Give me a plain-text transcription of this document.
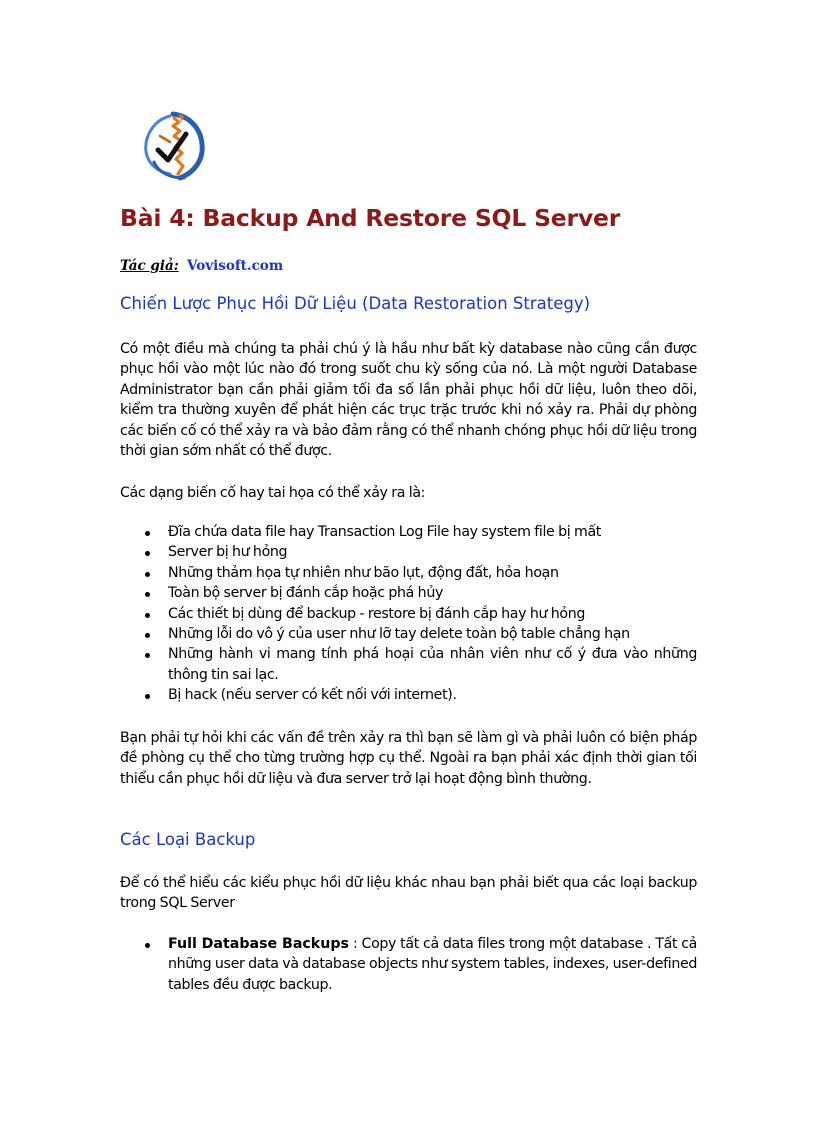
Bài 4: Backup And Restore SQL Server

Tác giả: Vovisoft.com

Chiến Lược Phục Hồi Dữ Liệu (Data Restoration Strategy)

Có một điều mà chúng ta phải chú ý là hầu như bất kỳ database nào cũng cần được phục hồi vào một lúc nào đó trong suốt chu kỳ sống của nó. Là một người Database Administrator bạn cần phải giảm tối đa số lần phải phục hồi dữ liệu, luôn theo dõi, kiểm tra thường xuyên để phát hiện các trục trặc trước khi nó xảy ra. Phải dự phòng các biến cố có thể xảy ra và bảo đảm rằng có thể nhanh chóng phục hồi dữ liệu trong thời gian sớm nhất có thể được.

Các dạng biến cố hay tai họa có thể xảy ra là:

Đĩa chứa data file hay Transaction Log File hay system file bị mất
Server bị hư hỏng
Những thảm họa tự nhiên như bão lụt, động đất, hỏa hoạn
Toàn bộ server bị đánh cắp hoặc phá hủy
Các thiết bị dùng để backup - restore bị đánh cắp hay hư hỏng
Những lỗi do vô ý của user như lỡ tay delete toàn bộ table chẳng hạn
Những hành vi mang tính phá hoại của nhân viên như cố ý đưa vào những thông tin sai lạc.
Bị hack (nếu server có kết nối với internet).

Bạn phải tự hỏi khi các vấn đề trên xảy ra thì bạn sẽ làm gì và phải luôn có biện pháp đề phòng cụ thể cho từng trường hợp cụ thể. Ngoài ra bạn phải xác định thời gian tối thiểu cần phục hồi dữ liệu và đưa server trở lại hoạt động bình thường.

Các Loại Backup

Để có thể hiểu các kiểu phục hồi dữ liệu khác nhau bạn phải biết qua các loại backup trong SQL Server

Full Database Backups : Copy tất cả data files trong một database . Tất cả những user data và database objects như system tables, indexes, user-defined tables đều được backup.
